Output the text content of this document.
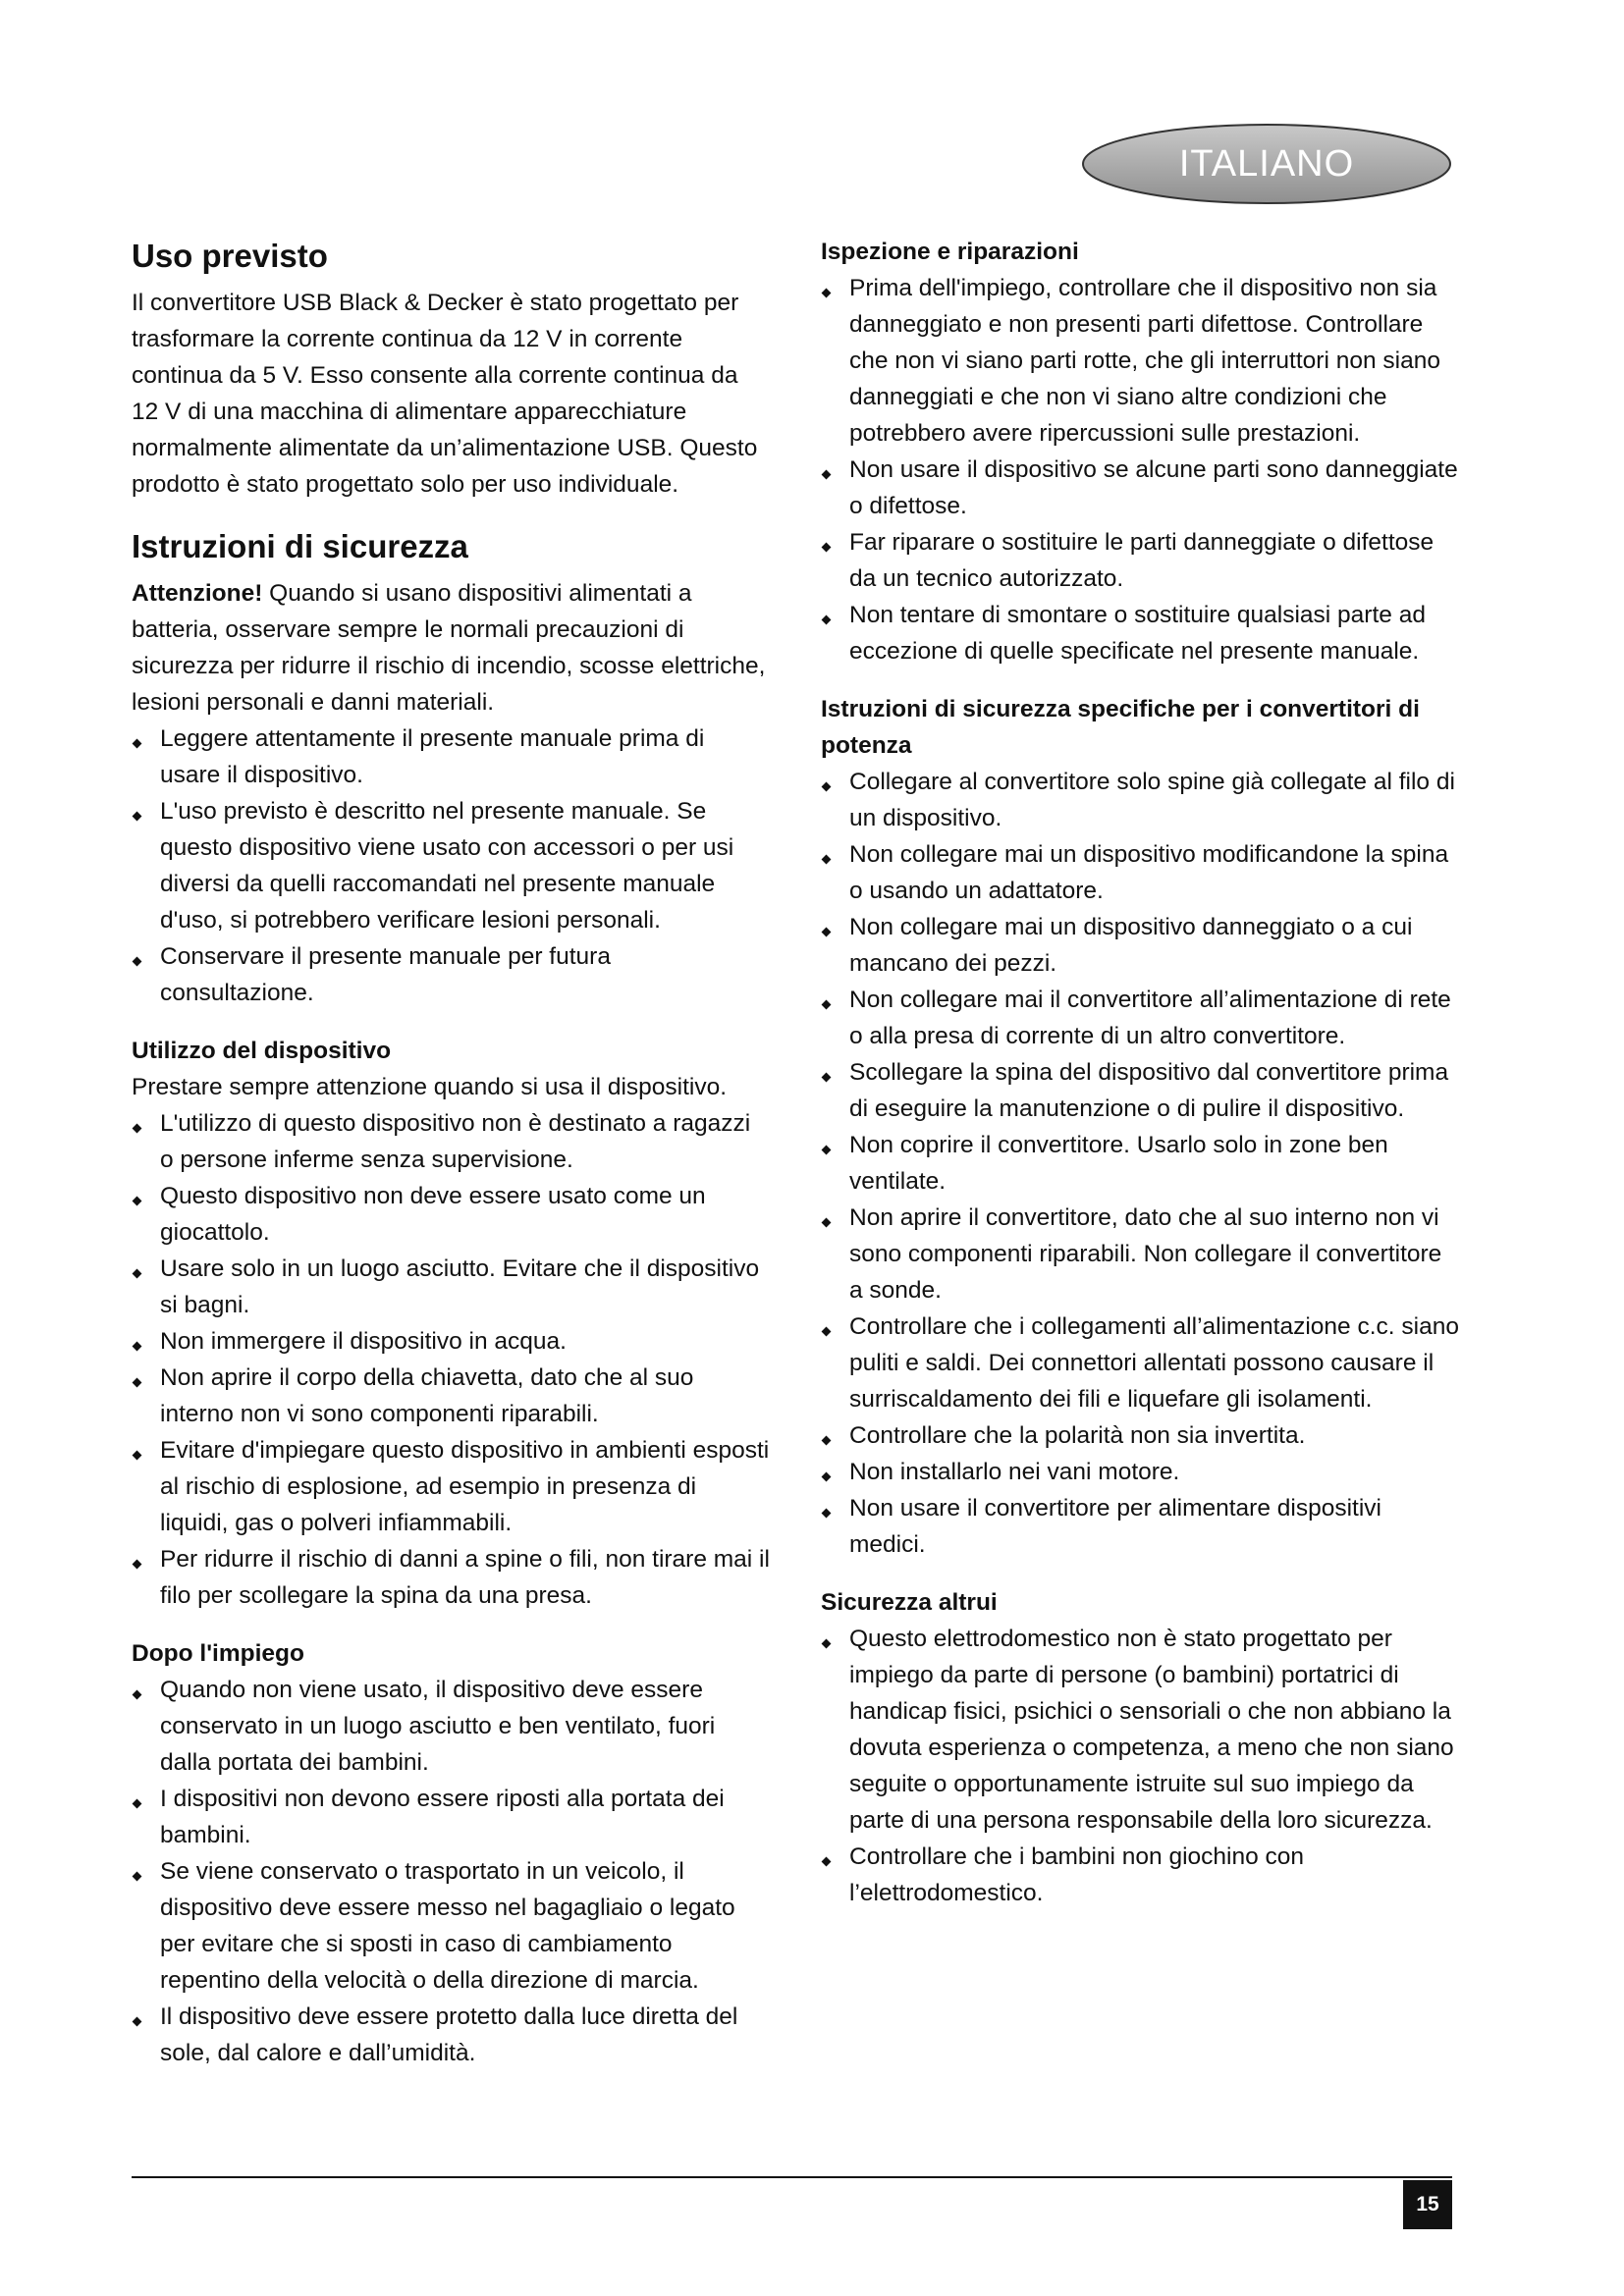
ITALIANO
Uso previsto

Il convertitore USB Black & Decker è stato progettato per trasformare la corrente continua da 12 V in corrente continua da 5 V. Esso consente alla corrente continua da 12 V di una macchina di alimentare apparecchiature normalmente alimentate da un’alimentazione USB. Questo prodotto è stato progettato solo per uso individuale.

Istruzioni di sicurezza

Attenzione! Quando si usano dispositivi alimentati a batteria, osservare sempre le normali precauzioni di sicurezza per ridurre il rischio di incendio, scosse elettriche, lesioni personali e danni materiali.

Leggere attentamente il presente manuale prima di usare il dispositivo.
L'uso previsto è descritto nel presente manuale. Se questo dispositivo viene usato con accessori o per usi diversi da quelli raccomandati nel presente manuale d'uso, si potrebbero verificare lesioni personali.
Conservare il presente manuale per futura consultazione.
Utilizzo del dispositivo

Prestare sempre attenzione quando si usa il dispositivo.

L'utilizzo di questo dispositivo non è destinato a ragazzi o persone inferme senza supervisione.
Questo dispositivo non deve essere usato come un giocattolo.
Usare solo in un luogo asciutto. Evitare che il dispositivo si bagni.
Non immergere il dispositivo in acqua.
Non aprire il corpo della chiavetta, dato che al suo interno non vi sono componenti riparabili.
Evitare d'impiegare questo dispositivo in ambienti esposti al rischio di esplosione, ad esempio in presenza di liquidi, gas o polveri infiammabili.
Per ridurre il rischio di danni a spine o fili, non tirare mai il filo per scollegare la spina da una presa.
Dopo l'impiego
Quando non viene usato, il dispositivo deve essere conservato in un luogo asciutto e ben ventilato, fuori dalla portata dei bambini.
I dispositivi non devono essere riposti alla portata dei bambini.
Se viene conservato o trasportato in un veicolo, il dispositivo deve essere messo nel bagagliaio o legato per evitare che si sposti in caso di cambiamento repentino della velocità o della direzione di marcia.
Il dispositivo deve essere protetto dalla luce diretta del sole, dal calore e dall’umidità.
Ispezione e riparazioni
Prima dell'impiego, controllare che il dispositivo non sia danneggiato e non presenti parti difettose. Controllare che non vi siano parti rotte, che gli interruttori non siano danneggiati e che non vi siano altre condizioni che potrebbero avere ripercussioni sulle prestazioni.
Non usare il dispositivo se alcune parti sono danneggiate o difettose.
Far riparare o sostituire le parti danneggiate o difettose da un tecnico autorizzato.
Non tentare di smontare o sostituire qualsiasi parte ad eccezione di quelle specificate nel presente manuale.
Istruzioni di sicurezza specifiche per i convertitori di potenza
Collegare al convertitore solo spine già collegate al filo di un dispositivo.
Non collegare mai un dispositivo modificandone la spina o usando un adattatore.
Non collegare mai un dispositivo danneggiato o a cui mancano dei pezzi.
Non collegare mai il convertitore all’alimentazione di rete o alla presa di corrente di un altro convertitore.
Scollegare la spina del dispositivo dal convertitore prima di eseguire la manutenzione o di pulire il dispositivo.
Non coprire il convertitore. Usarlo solo in zone ben ventilate.
Non aprire il convertitore, dato che al suo interno non vi sono componenti riparabili. Non collegare il convertitore a sonde.
Controllare che i collegamenti all’alimentazione c.c. siano puliti e saldi. Dei connettori allentati possono causare il surriscaldamento dei fili e liquefare gli isolamenti.
Controllare che la polarità non sia invertita.
Non installarlo nei vani motore.
Non usare il convertitore per alimentare dispositivi medici.
Sicurezza altrui
Questo elettrodomestico non è stato progettato per impiego da parte di persone (o bambini) portatrici di handicap fisici, psichici o sensoriali o che non abbiano la dovuta esperienza o competenza, a meno che non siano seguite o opportunamente istruite sul suo impiego da parte di una persona responsabile della loro sicurezza.
Controllare che i bambini non giochino con l’elettrodomestico.
15
